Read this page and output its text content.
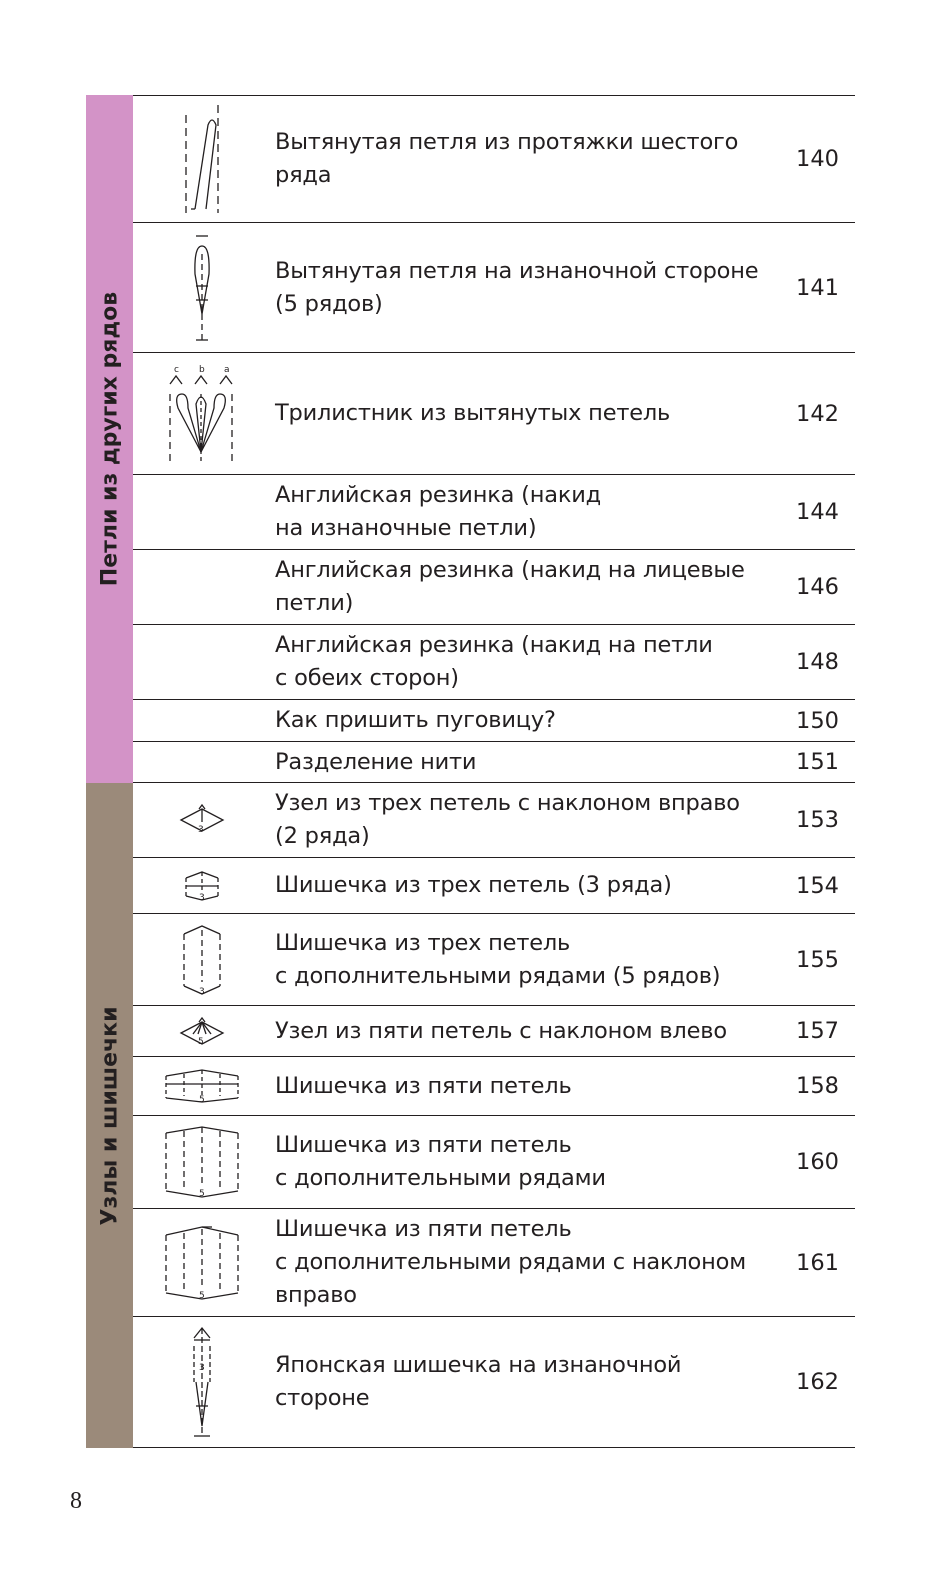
Петли из других рядов
Вытянутая петля из протяжки шестого
ряда
140
Вытянутая петля на изнаночной стороне
(5 рядов)
141
c b a
Трилистник из вытянутых петель	142
Английская резинка (накид
на изнаночные петли)
144
Английская резинка (накид на лицевые
петли)
146
Английская резинка (накид на петли
с обеих сторон)
148
Как пришить пуговицу?	150
Разделение нити	151
Узлы и шишечки
3
Узел из трех петель с наклоном вправо
(2 ряда)
153
3	Шишечка из трех петель (3 ряда)	154
3
Шишечка из трех петель
с дополнительными рядами (5 рядов)
155
5	Узел из пяти петель с наклоном влево	157
5
Шишечка из пяти петель	158
5
Шишечка из пяти петель
с дополнительными рядами
160
5
Шишечка из пяти петель
с дополнительными рядами с наклоном
вправо
161
3	Японская шишечка на изнаночной стороне
162
8
